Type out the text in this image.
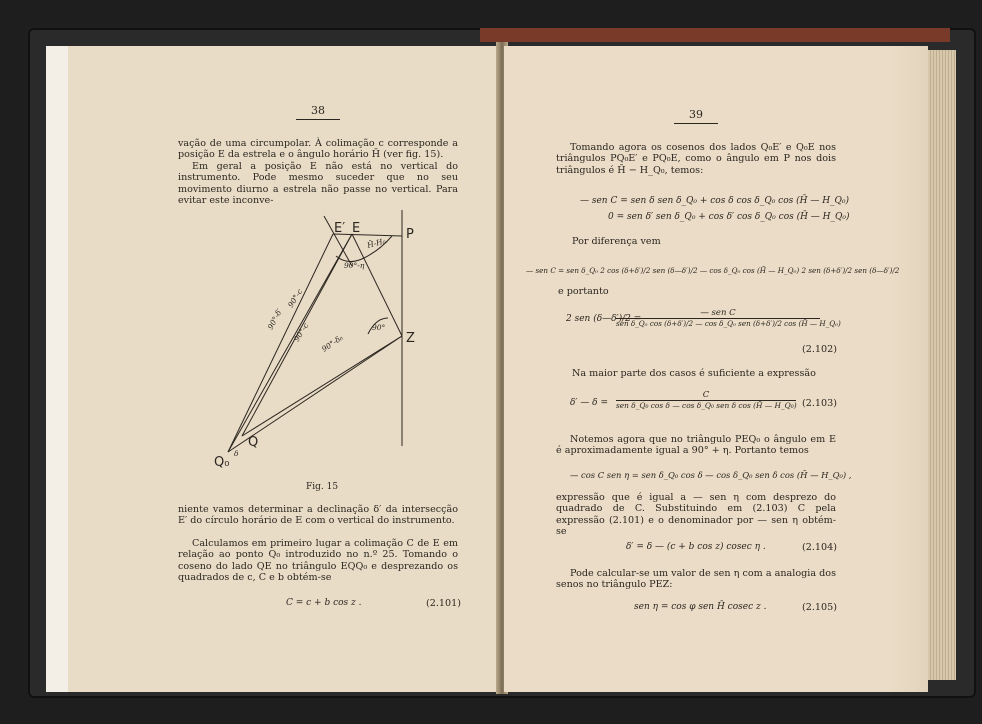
38
vação de uma circumpolar. À colimação c corresponde a posição E da estrela e o ângulo horário H̄ (ver fig. 15).
Em geral a posição E não está no vertical do instrumento. Pode mesmo suceder que no seu movimento diurno a estrela não passe no vertical. Para evitar este inconve-
E′ E	P
Z
Q
Q₀
δ
90°-δ′
90°-c
90°-c
90°-δ₀
90°
H̄-H₀
90°-η
Fig. 15
niente vamos determinar a declinação δ′ da intersecção E′ do círculo horário de E com o vertical do instrumento.
Calculamos em primeiro lugar a colimação C de E em relação ao ponto Q₀ introduzido no n.º 25. Tomando o coseno do lado QE no triângulo EQQ₀ e desprezando os quadrados de c, C e b obtém-se
C = c + b cos z .	(2.101)
39
Tomando agora os cosenos dos lados Q₀E′ e Q₀E nos triângulos PQ₀E′ e PQ₀E, como o ângulo em P nos dois triângulos é H̄ − H_Q₀, temos:
— sen C = sen δ sen δ_Q₀ + cos δ cos δ_Q₀ cos (H̄ — H_Q₀)
0 = sen δ′ sen δ_Q₀ + cos δ′ cos δ_Q₀ cos (H̄ — H_Q₀)
Por diferença vem
— sen C = sen δ_Q₀ 2 cos (δ+δ′)/2 sen (δ—δ′)/2 — cos δ_Q₀ cos (H̄ — H_Q₀) 2 sen (δ+δ′)/2 sen (δ—δ′)/2
e portanto
2 sen (δ—δ′)/2 =
— sen C
sen δ_Q₀ cos (δ+δ′)/2 — cos δ_Q₀ sen (δ+δ′)/2 cos (H̄ — H_Q₀)
(2.102)
Na maior parte dos casos é suficiente a expressão
δ′ — δ =
C
sen δ_Q₀ cos δ — cos δ_Q₀ sen δ cos (H̄ — H_Q₀) (2.103)
Notemos agora que no triângulo PEQ₀ o ângulo em E é aproximadamente igual a 90° + η. Portanto temos
— cos C sen η = sen δ_Q₀ cos δ — cos δ_Q₀ sen δ cos (H̄ — H_Q₀) ,
expressão que é igual a — sen η com desprezo do quadrado de C. Substituindo em (2.103) C pela expressão (2.101) e o denominador por — sen η obtém-se
δ′ = δ — (c + b cos z) cosec η .	(2.104)
Pode calcular-se um valor de sen η com a analogia dos senos no triângulo PEZ:
sen η = cos φ sen H̄ cosec z .	(2.105)
